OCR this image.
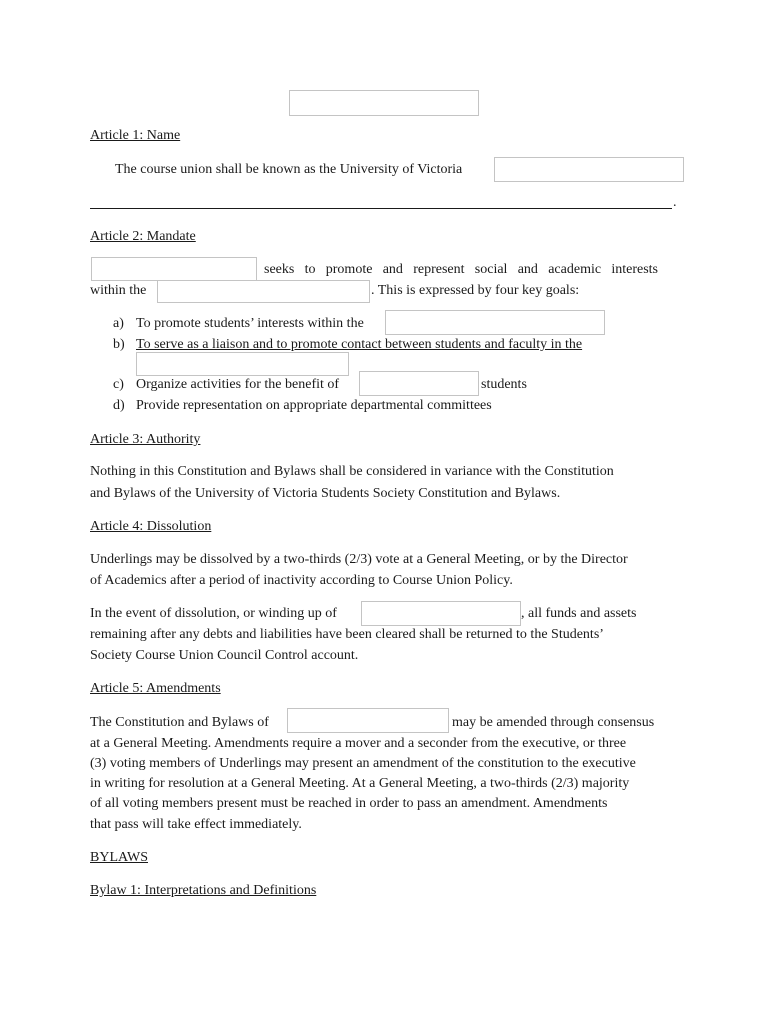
Article 1: Name
The course union shall be known as the University of Victoria
.
Article 2: Mandate
seeks to promote and represent social and academic interests
within the	. This is expressed by four key goals:
a) To promote students’ interests within the
b) To serve as a liaison and to promote contact between students and faculty in the
c) Organize activities for the benefit of	students
d) Provide representation on appropriate departmental committees
Article 3: Authority
Nothing in this Constitution and Bylaws shall be considered in variance with the Constitution
and Bylaws of the University of Victoria Students Society Constitution and Bylaws.
Article 4: Dissolution
Underlings may be dissolved by a two-thirds (2/3) vote at a General Meeting, or by the Director
of Academics after a period of inactivity according to Course Union Policy.
In the event of dissolution, or winding up of	, all funds and assets
remaining after any debts and liabilities have been cleared shall be returned to the Students’
Society Course Union Council Control account.
Article 5: Amendments
The Constitution and Bylaws of	may be amended through consensus
at a General Meeting. Amendments require a mover and a seconder from the executive, or three
(3) voting members of Underlings may present an amendment of the constitution to the executive
in writing for resolution at a General Meeting. At a General Meeting, a two-thirds (2/3) majority
of all voting members present must be reached in order to pass an amendment. Amendments
that pass will take effect immediately.
BYLAWS
Bylaw 1: Interpretations and Definitions
